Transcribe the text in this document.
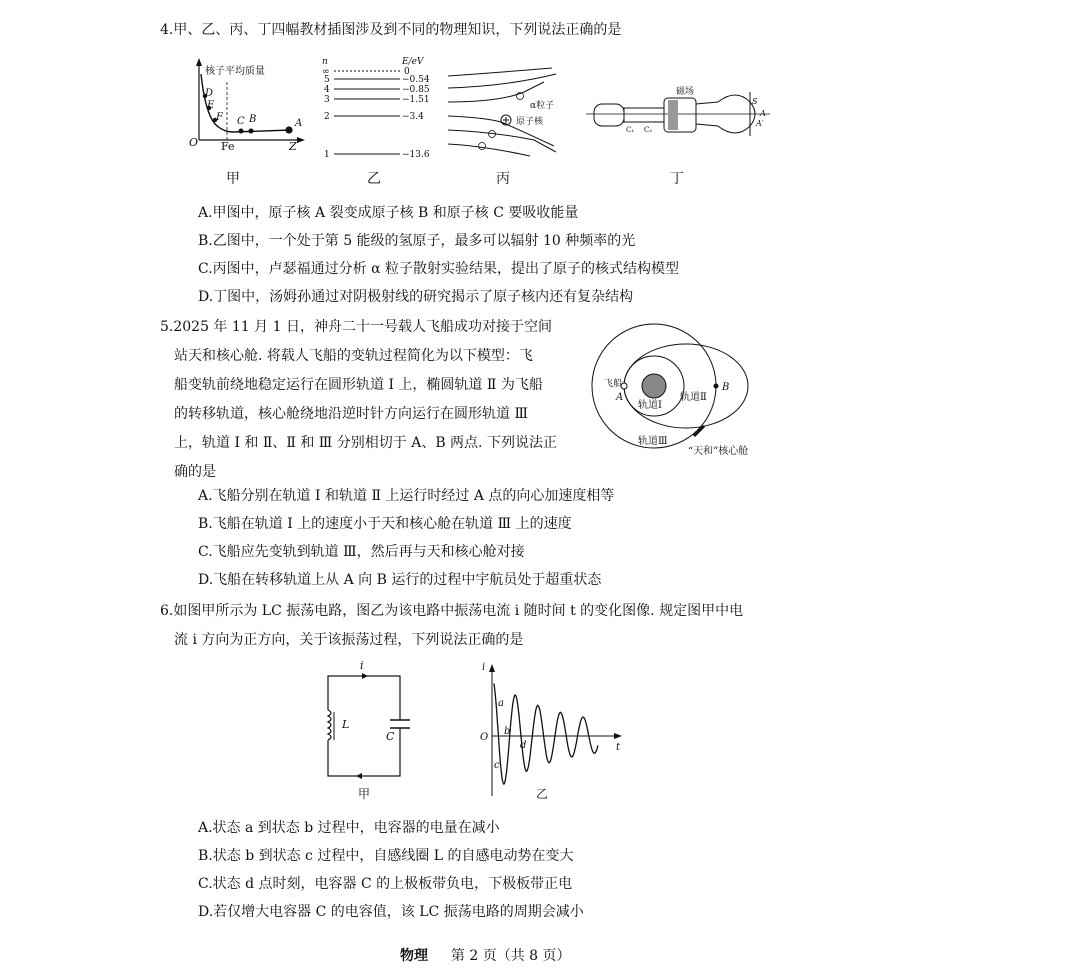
4.甲、乙、丙、丁四幅教材插图涉及到不同的物理知识，下列说法正确的是
核子平均质量
O Fe	Z
D
E
F C B	A
n	E/eV
∞	0
5	−0.54
4	−0.85
3	−1.51
2	−3.4
1	−13.6
α粒子
原子核
磁场
C₁ C₂
S
A
A′
甲	乙	丙	丁
A.甲图中，原子核 A 裂变成原子核 B 和原子核 C 要吸收能量
B.乙图中，一个处于第 5 能级的氢原子，最多可以辐射 10 种频率的光
C.丙图中，卢瑟福通过分析 α 粒子散射实验结果，提出了原子的核式结构模型
D.丁图中，汤姆孙通过对阴极射线的研究揭示了原子核内还有复杂结构
5.2025 年 11 月 1 日，神舟二十一号载人飞船成功对接于空间
站天和核心舱. 将载人飞船的变轨过程简化为以下模型：飞
船变轨前绕地稳定运行在圆形轨道 Ⅰ 上，椭圆轨道 Ⅱ 为飞船
的转移轨道，核心舱绕地沿逆时针方向运行在圆形轨道 Ⅲ
上，轨道 Ⅰ 和 Ⅱ、Ⅱ 和 Ⅲ 分别相切于 A、B 两点. 下列说法正
确的是
飞船
A
B
轨道Ⅰ
轨道Ⅱ
轨道Ⅲ
“天和”核心舱
A.飞船分别在轨道 Ⅰ 和轨道 Ⅱ 上运行时经过 A 点的向心加速度相等
B.飞船在轨道 Ⅰ 上的速度小于天和核心舱在轨道 Ⅲ 上的速度
C.飞船应先变轨到轨道 Ⅲ，然后再与天和核心舱对接
D.飞船在转移轨道上从 A 向 B 运行的过程中宇航员处于超重状态
6.如图甲所示为 LC 振荡电路，图乙为该电路中振荡电流 i 随时间 t 的变化图像. 规定图甲中电
流 i 方向为正方向，关于该振荡过程，下列说法正确的是
i
L
C
甲
i
O
t
a
b
c
d
乙
A.状态 a 到状态 b 过程中，电容器的电量在减小
B.状态 b 到状态 c 过程中，自感线圈 L 的自感电动势在变大
C.状态 d 点时刻，电容器 C 的上极板带负电，下极板带正电
D.若仅增大电容器 C 的电容值，该 LC 振荡电路的周期会减小
物理 第 2 页（共 8 页）
